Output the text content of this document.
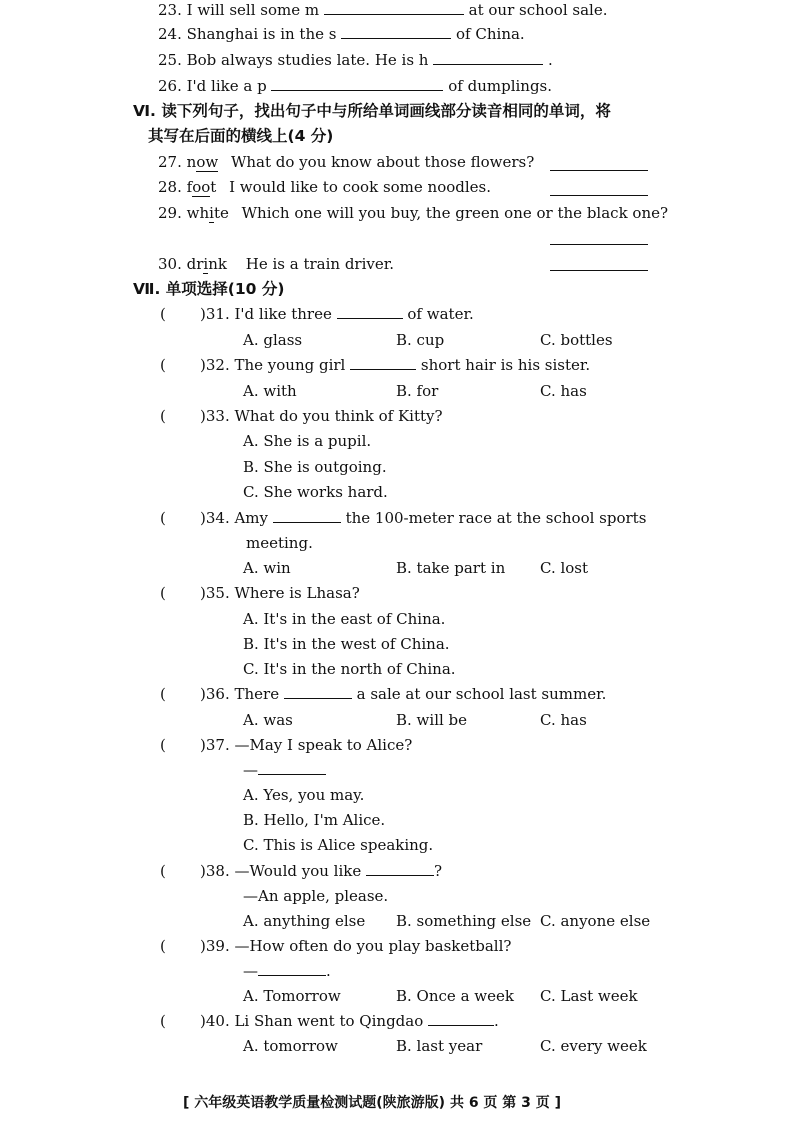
23. I will sell some m	at our school sale.
24. Shanghai is in the s	of China.
25. Bob always studies late. He is h	.
26. I'd like a p	of dumplings.
Ⅵ. 读下列句子，找出句子中与所给单词画线部分读音相同的单词，将
其写在后面的横线上(4 分)
27. now What do you know about those flowers?
28. foot I would like to cook some noodles.
29. white Which one will you buy, the green one or the black one?
30. drink He is a train driver.
Ⅶ. 单项选择(10 分)
( )31. I'd like three	of water.
A. glass	B. cup	C. bottles
( )32. The young girl	short hair is his sister.
A. with	B. for	C. has
( )33. What do you think of Kitty?
A. She is a pupil.
B. She is outgoing.
C. She works hard.
( )34. Amy	the 100-meter race at the school sports
meeting.
A. win	B. take part in C. lost
( )35. Where is Lhasa?
A. It's in the east of China.
B. It's in the west of China.
C. It's in the north of China.
( )36. There	a sale at our school last summer.
A. was	B. will be	C. has
( )37. —May I speak to Alice?
—
A. Yes, you may.
B. Hello, I'm Alice.
C. This is Alice speaking.
( )38. —Would you like	?
—An apple, please.
A. anything else B. something else C. anyone else
( )39. —How often do you play basketball?
—	.
A. Tomorrow	B. Once a week C. Last week
( )40. Li Shan went to Qingdao	.
A. tomorrow	B. last year	C. every week
[ 六年级英语教学质量检测试题(陕旅游版) 共 6 页 第 3 页 ]
